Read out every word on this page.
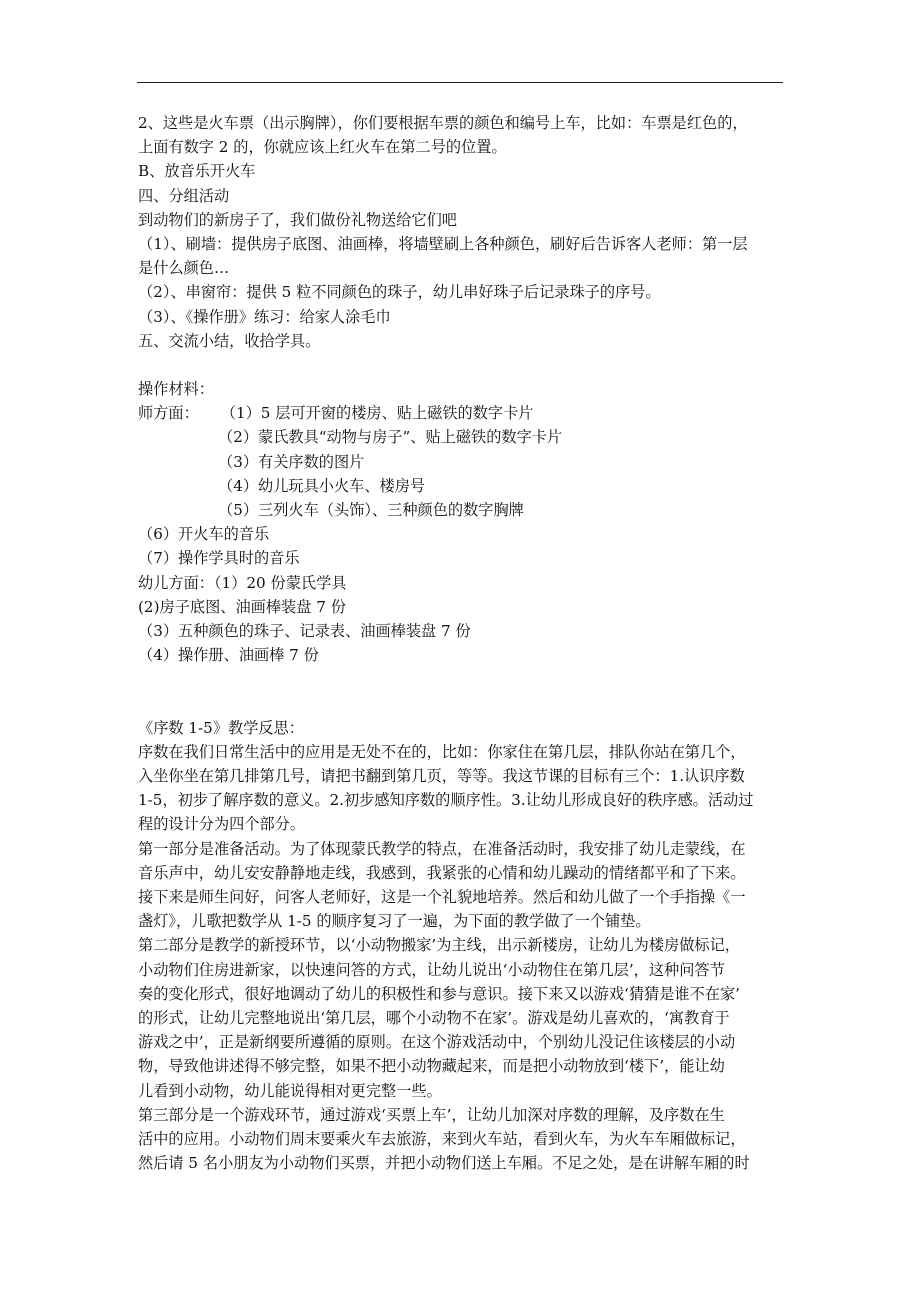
2、这些是火车票（出示胸牌），你们要根据车票的颜色和编号上车，比如：车票是红色的，
上面有数字 2 的，你就应该上红火车在第二号的位置。
B、放音乐开火车
四、分组活动
到动物们的新房子了，我们做份礼物送给它们吧
（1）、刷墙：提供房子底图、油画棒，将墙壁刷上各种颜色，刷好后告诉客人老师：第一层
是什么颜色…
（2）、串窗帘：提供 5 粒不同颜色的珠子，幼儿串好珠子后记录珠子的序号。
（3）、《操作册》练习：给家人涂毛巾
五、交流小结，收拾学具。
操作材料：
师方面： （1）5 层可开窗的楼房、贴上磁铁的数字卡片
（2）蒙氏教具“动物与房子”、贴上磁铁的数字卡片
（3）有关序数的图片
（4）幼儿玩具小火车、楼房号
（5）三列火车（头饰）、三种颜色的数字胸牌
（6）开火车的音乐
（7）操作学具时的音乐
幼儿方面：（1）20 份蒙氏学具
(2)房子底图、油画棒装盘 7 份
（3）五种颜色的珠子、记录表、油画棒装盘 7 份
（4）操作册、油画棒 7 份
《序数 1-5》教学反思：
序数在我们日常生活中的应用是无处不在的，比如：你家住在第几层，排队你站在第几个，
入坐你坐在第几排第几号，请把书翻到第几页，等等。我这节课的目标有三个：1.认识序数
1-5，初步了解序数的意义。2.初步感知序数的顺序性。3.让幼儿形成良好的秩序感。活动过
程的设计分为四个部分。
第一部分是准备活动。为了体现蒙氏教学的特点，在准备活动时，我安排了幼儿走蒙线，在
音乐声中，幼儿安安静静地走线，我感到，我紧张的心情和幼儿躁动的情绪都平和了下来。
接下来是师生问好，问客人老师好，这是一个礼貌地培养。然后和幼儿做了一个手指操《一
盏灯》，儿歌把数学从 1-5 的顺序复习了一遍，为下面的教学做了一个铺垫。
第二部分是教学的新授环节，以‘小动物搬家’为主线，出示新楼房，让幼儿为楼房做标记，
小动物们住房进新家，以快速问答的方式，让幼儿说出‘小动物住在第几层’，这种问答节
奏的变化形式，很好地调动了幼儿的积极性和参与意识。接下来又以游戏‘猜猜是谁不在家’
的形式，让幼儿完整地说出‘第几层，哪个小动物不在家’。游戏是幼儿喜欢的，‘寓教育于
游戏之中’，正是新纲要所遵循的原则。在这个游戏活动中，个别幼儿没记住该楼层的小动
物，导致他讲述得不够完整，如果不把小动物藏起来，而是把小动物放到‘楼下’，能让幼
儿看到小动物，幼儿能说得相对更完整一些。
第三部分是一个游戏环节，通过游戏‘买票上车’，让幼儿加深对序数的理解，及序数在生
活中的应用。小动物们周末要乘火车去旅游，来到火车站，看到火车，为火车车厢做标记，
然后请 5 名小朋友为小动物们买票，并把小动物们送上车厢。不足之处，是在讲解车厢的时
